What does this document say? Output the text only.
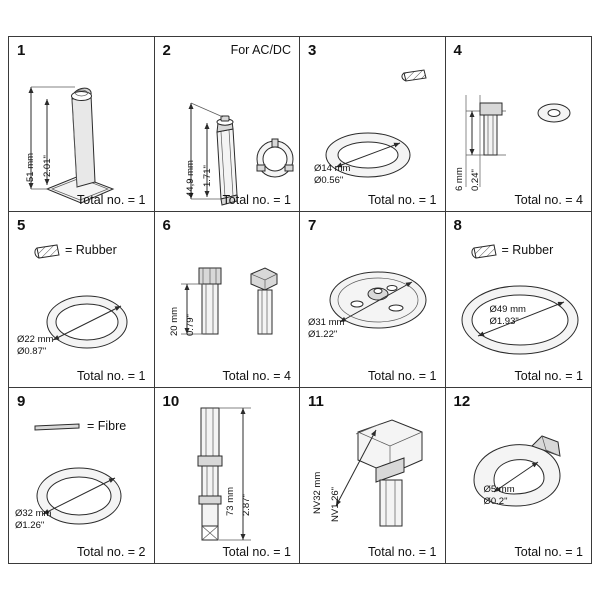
1
51 mm 2.01"
Total no. = 1
2	For AC/DC
44,9 mm 1.71"
Total no. = 1
3
Ø14 mm
Ø0.56"
Total no. = 1
4
6 mm 0.24"
Total no. = 4
5
= Rubber
Ø22 mm
Ø0.87"
Total no. = 1
6
20 mm 0.79"
Total no. = 4
7
Ø31 mm
Ø1.22"
Total no. = 1
8
= Rubber
Ø49 mm
Ø1.93"
Total no. = 1
9
= Fibre
Ø32 mm
Ø1.26"
Total no. = 2
10
73 mm 2.87"
Total no. = 1
11
NV32 mm NV1.26"
Total no. = 1
12
Ø5 mm
Ø0.2"
Total no. = 1
